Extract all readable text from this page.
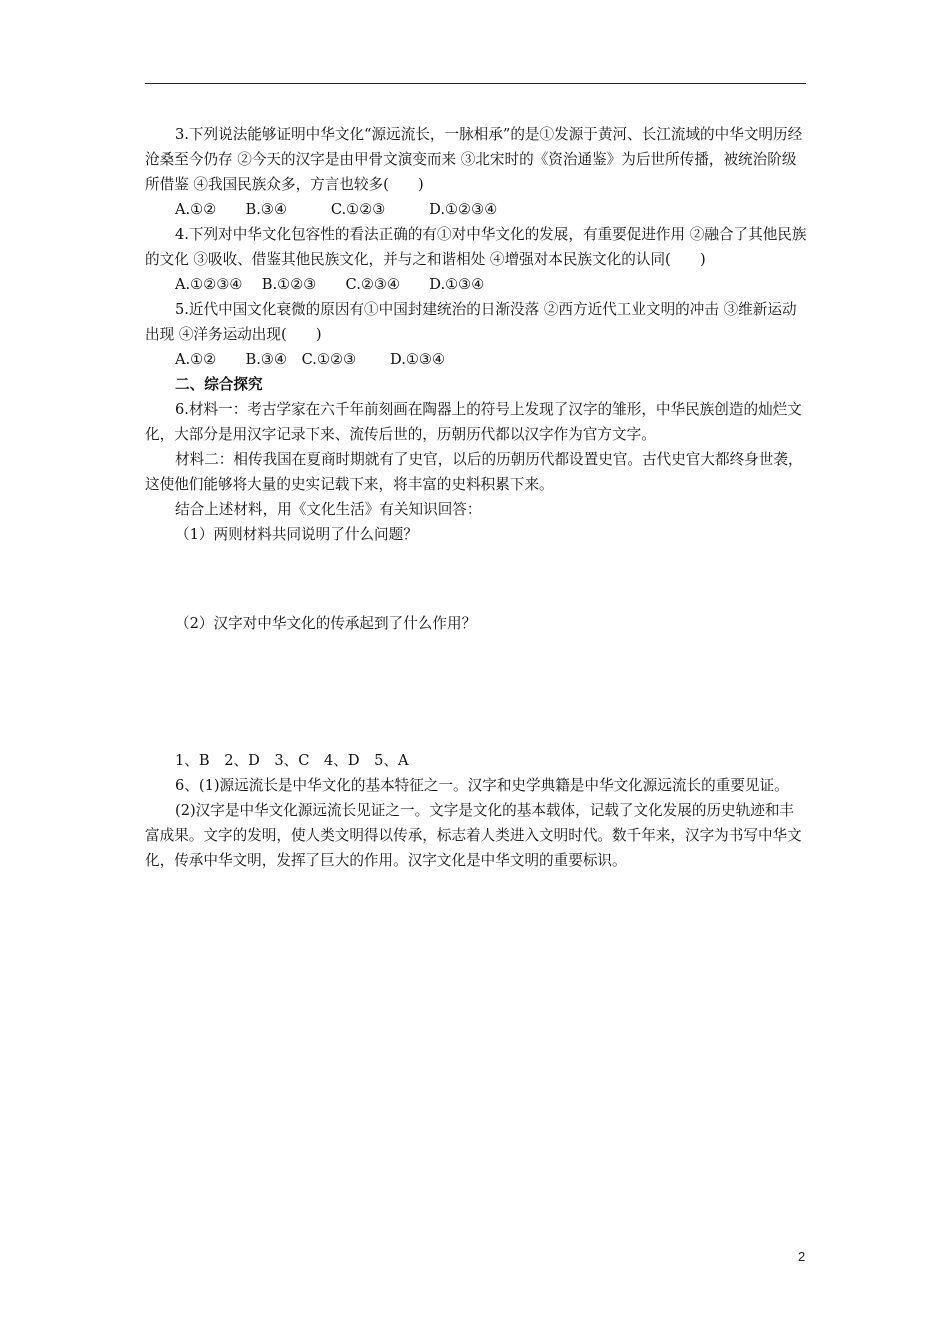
3.下列说法能够证明中华文化“源远流长，一脉相承”的是①发源于黄河、长江流域的中华文明历经沧桑至今仍存 ②今天的汉字是由甲骨文演变而来 ③北宋时的《资治通鉴》为后世所传播，被统治阶级所借鉴 ④我国民族众多，方言也较多(　　)

A.①②　　B.③④　　　C.①②③　　　D.①②③④

4.下列对中华文化包容性的看法正确的有①对中华文化的发展，有重要促进作用 ②融合了其他民族的文化 ③吸收、借鉴其他民族文化，并与之和谐相处 ④增强对本民族文化的认同(　　)

A.①②③④　 B.①②③　　C.②③④　　D.①③④

5.近代中国文化衰微的原因有①中国封建统治的日渐没落 ②西方近代工业文明的冲击 ③维新运动出现 ④洋务运动出现(　　)

A.①②　　B.③④　C.①②③　　 D.①③④

二、综合探究

6.材料一：考古学家在六千年前刻画在陶器上的符号上发现了汉字的雏形，中华民族创造的灿烂文化，大部分是用汉字记录下来、流传后世的，历朝历代都以汉字作为官方文字。

材料二：相传我国在夏商时期就有了史官，以后的历朝历代都设置史官。古代史官大都终身世袭，这使他们能够将大量的史实记载下来，将丰富的史料积累下来。

结合上述材料，用《文化生活》有关知识回答：

（1）两则材料共同说明了什么问题？

（2）汉字对中华文化的传承起到了什么作用？

1、B　2、D　3、C　4、D　5、A

6、(1)源远流长是中华文化的基本特征之一。汉字和史学典籍是中华文化源远流长的重要见证。

(2)汉字是中华文化源远流长见证之一。文字是文化的基本载体，记载了文化发展的历史轨迹和丰富成果。文字的发明，使人类文明得以传承，标志着人类进入文明时代。数千年来，汉字为书写中华文化，传承中华文明，发挥了巨大的作用。汉字文化是中华文明的重要标识。

2
